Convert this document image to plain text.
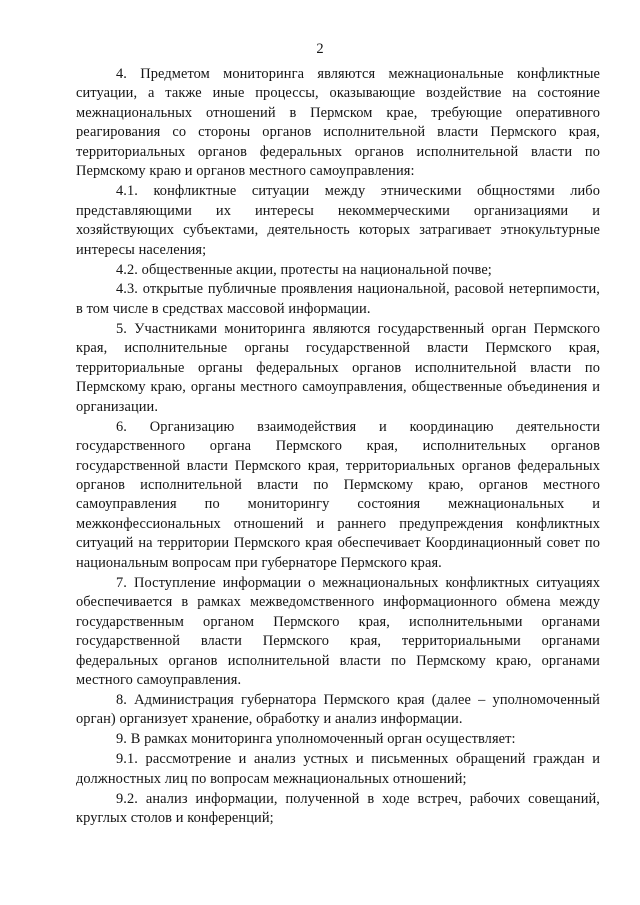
2

4. Предметом мониторинга являются межнациональные конфликтные ситуации, а также иные процессы, оказывающие воздействие на состояние межнациональных отношений в Пермском крае, требующие оперативного реагирования со стороны органов исполнительной власти Пермского края, территориальных органов федеральных органов исполнительной власти по Пермскому краю и органов местного самоуправления:

4.1. конфликтные ситуации между этническими общностями либо представляющими их интересы некоммерческими организациями и хозяйствующих субъектами, деятельность которых затрагивает этнокультурные интересы населения;

4.2. общественные акции, протесты на национальной почве;

4.3. открытые публичные проявления национальной, расовой нетерпимости, в том числе в средствах массовой информации.

5. Участниками мониторинга являются государственный орган Пермского края, исполнительные органы государственной власти Пермского края, территориальные органы федеральных органов исполнительной власти по Пермскому краю, органы местного самоуправления, общественные объединения и организации.

6. Организацию взаимодействия и координацию деятельности государственного органа Пермского края, исполнительных органов государственной власти Пермского края, территориальных органов федеральных органов исполнительной власти по Пермскому краю, органов местного самоуправления по мониторингу состояния межнациональных и межконфессиональных отношений и раннего предупреждения конфликтных ситуаций на территории Пермского края обеспечивает Координационный совет по национальным вопросам при губернаторе Пермского края.

7. Поступление информации о межнациональных конфликтных ситуациях обеспечивается в рамках межведомственного информационного обмена между государственным органом Пермского края, исполнительными органами государственной власти Пермского края, территориальными органами федеральных органов исполнительной власти по Пермскому краю, органами местного самоуправления.

8. Администрация губернатора Пермского края (далее – уполномоченный орган) организует хранение, обработку и анализ информации.

9. В рамках мониторинга уполномоченный орган осуществляет:

9.1. рассмотрение и анализ устных и письменных обращений граждан и должностных лиц по вопросам межнациональных отношений;

9.2. анализ информации, полученной в ходе встреч, рабочих совещаний, круглых столов и конференций;
